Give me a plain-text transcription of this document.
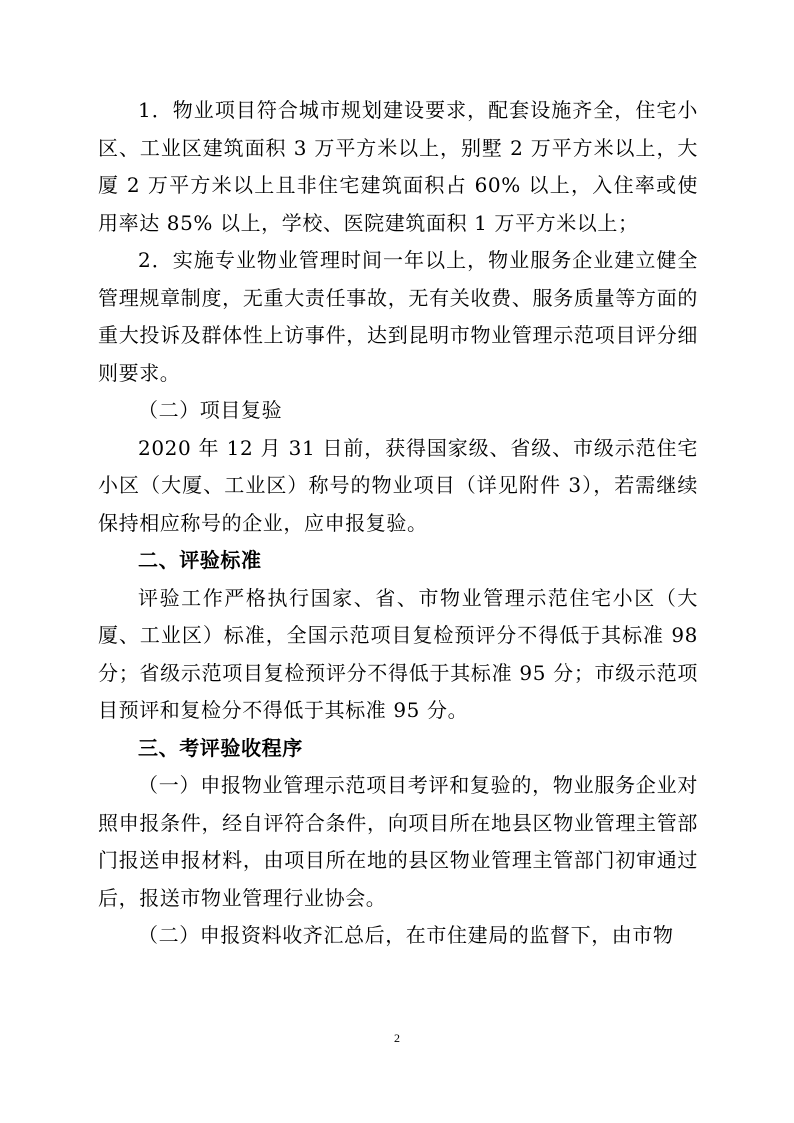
1．物业项目符合城市规划建设要求，配套设施齐全，住宅小区、工业区建筑面积 3 万平方米以上，别墅 2 万平方米以上，大厦 2 万平方米以上且非住宅建筑面积占 60% 以上，入住率或使用率达 85% 以上，学校、医院建筑面积 1 万平方米以上；

2．实施专业物业管理时间一年以上，物业服务企业建立健全管理规章制度，无重大责任事故，无有关收费、服务质量等方面的重大投诉及群体性上访事件，达到昆明市物业管理示范项目评分细则要求。

（二）项目复验

2020 年 12 月 31 日前，获得国家级、省级、市级示范住宅小区（大厦、工业区）称号的物业项目（详见附件 3），若需继续保持相应称号的企业，应申报复验。

二、评验标准

评验工作严格执行国家、省、市物业管理示范住宅小区（大厦、工业区）标准，全国示范项目复检预评分不得低于其标准 98 分；省级示范项目复检预评分不得低于其标准 95 分；市级示范项目预评和复检分不得低于其标准 95 分。

三、考评验收程序

（一）申报物业管理示范项目考评和复验的，物业服务企业对照申报条件，经自评符合条件，向项目所在地县区物业管理主管部门报送申报材料，由项目所在地的县区物业管理主管部门初审通过后，报送市物业管理行业协会。

（二）申报资料收齐汇总后，在市住建局的监督下，由市物

2
